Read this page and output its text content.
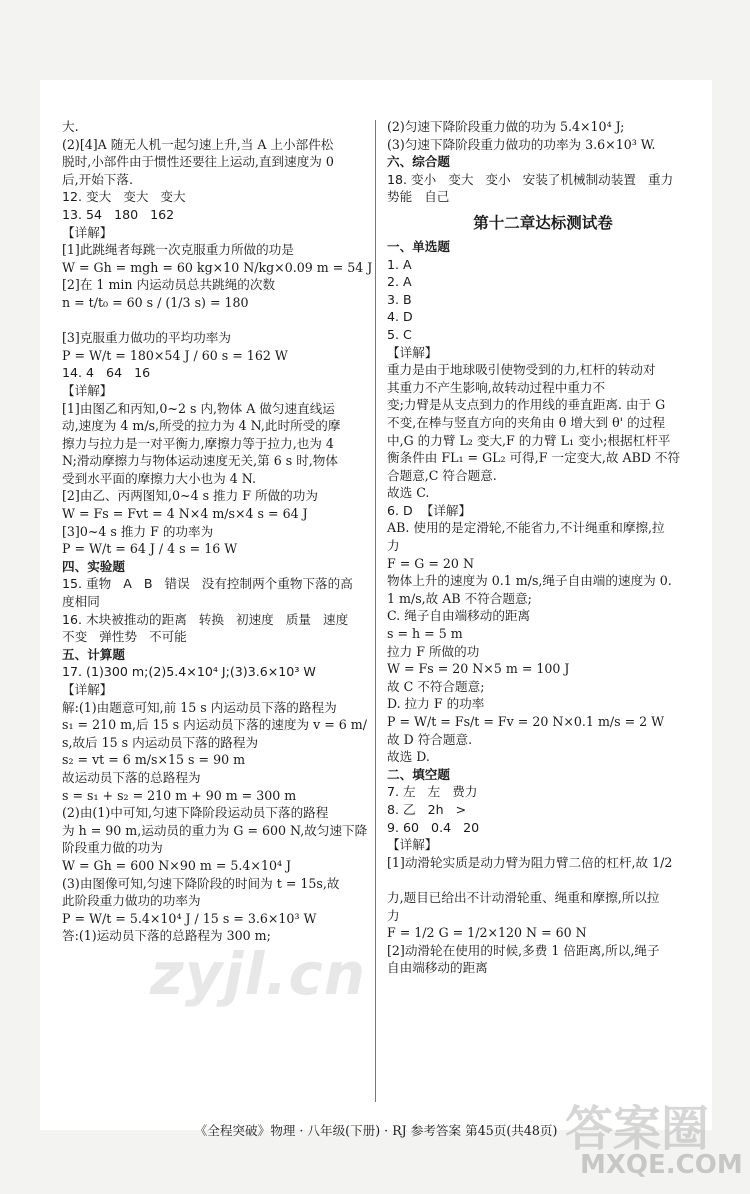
大.
(2)[4]A 随无人机一起匀速上升,当 A 上小部件松
脱时,小部件由于惯性还要往上运动,直到速度为 0
后,开始下落.
12. 变大   变大   变大
13. 54   180   162
【详解】
[1]此跳绳者每跳一次克服重力所做的功是
W = Gh = mgh = 60 kg×10 N/kg×0.09 m = 54 J
[2]在 1 min 内运动员总共跳绳的次数
n = t/t₀ = 60 s / (1/3 s) = 180
[3]克服重力做功的平均功率为
P = W/t = 180×54 J / 60 s = 162 W
14. 4   64   16
【详解】
[1]由图乙和丙知,0~2 s 内,物体 A 做匀速直线运
动,速度为 4 m/s,所受的拉力为 4 N,此时所受的摩
擦力与拉力是一对平衡力,摩擦力等于拉力,也为 4
N;滑动摩擦力与物体运动速度无关,第 6 s 时,物体
受到水平面的摩擦力大小也为 4 N.
[2]由乙、丙两图知,0~4 s 推力 F 所做的功为
W = Fs = Fvt = 4 N×4 m/s×4 s = 64 J
[3]0~4 s 推力 F 的功率为
P = W/t = 64 J / 4 s = 16 W
四、实验题
15. 重物   A   B   错误   没有控制两个重物下落的高
度相同
16. 木块被推动的距离   转换   初速度   质量   速度
不变   弹性势   不可能
五、计算题
17. (1)300 m;(2)5.4×10⁴ J;(3)3.6×10³ W
【详解】
解:(1)由题意可知,前 15 s 内运动员下落的路程为
s₁ = 210 m,后 15 s 内运动员下落的速度为 v = 6 m/
s,故后 15 s 内运动员下落的路程为
s₂ = vt = 6 m/s×15 s = 90 m
故运动员下落的总路程为
s = s₁ + s₂ = 210 m + 90 m = 300 m
(2)由(1)中可知,匀速下降阶段运动员下落的路程
为 h = 90 m,运动员的重力为 G = 600 N,故匀速下降
阶段重力做的功为
W = Gh = 600 N×90 m = 5.4×10⁴ J
(3)由图像可知,匀速下降阶段的时间为 t = 15s,故
此阶段重力做功的功率为
P = W/t = 5.4×10⁴ J / 15 s = 3.6×10³ W
答:(1)运动员下落的总路程为 300 m;
(2)匀速下降阶段重力做的功为 5.4×10⁴ J;
(3)匀速下降阶段重力做功的功率为 3.6×10³ W.
六、综合题
18. 变小   变大   变小   安装了机械制动装置   重力
势能   自己
第十二章达标测试卷
一、单选题
1. A
2. A
3. B
4. D
5. C
【详解】
重力是由于地球吸引使物受到的力,杠杆的转动对
其重力不产生影响,故转动过程中重力不
变;力臂是从支点到力的作用线的垂直距离. 由于 G
不变,在棒与竖直方向的夹角由 θ 增大到 θ' 的过程
中,G 的力臂 L₂ 变大,F 的力臂 L₁ 变小;根据杠杆平
衡条件由 FL₁ = GL₂ 可得,F 一定变大,故 ABD 不符
合题意,C 符合题意.
故选 C.
6. D  【详解】
AB. 使用的是定滑轮,不能省力,不计绳重和摩擦,拉
力
F = G = 20 N
物体上升的速度为 0.1 m/s,绳子自由端的速度为 0.
1 m/s,故 AB 不符合题意;
C. 绳子自由端移动的距离
s = h = 5 m
拉力 F 所做的功
W = Fs = 20 N×5 m = 100 J
故 C 不符合题意;
D. 拉力 F 的功率
P = W/t = Fs/t = Fv = 20 N×0.1 m/s = 2 W
故 D 符合题意.
故选 D.
二、填空题
7. 左   左   费力
8. 乙   2h   >
9. 60   0.4   20
【详解】
[1]动滑轮实质是动力臂为阻力臂二倍的杠杆,故 1/2
力,题目已给出不计动滑轮重、绳重和摩擦,所以拉
力
F = 1/2 G = 1/2×120 N = 60 N
[2]动滑轮在使用的时候,多费 1 倍距离,所以,绳子
自由端移动的距离
《全程突破》物理 · 八年级(下册) · RJ 参考答案 第45页(共48页)
zyjl.cn
答案圈
MXQE.COM
